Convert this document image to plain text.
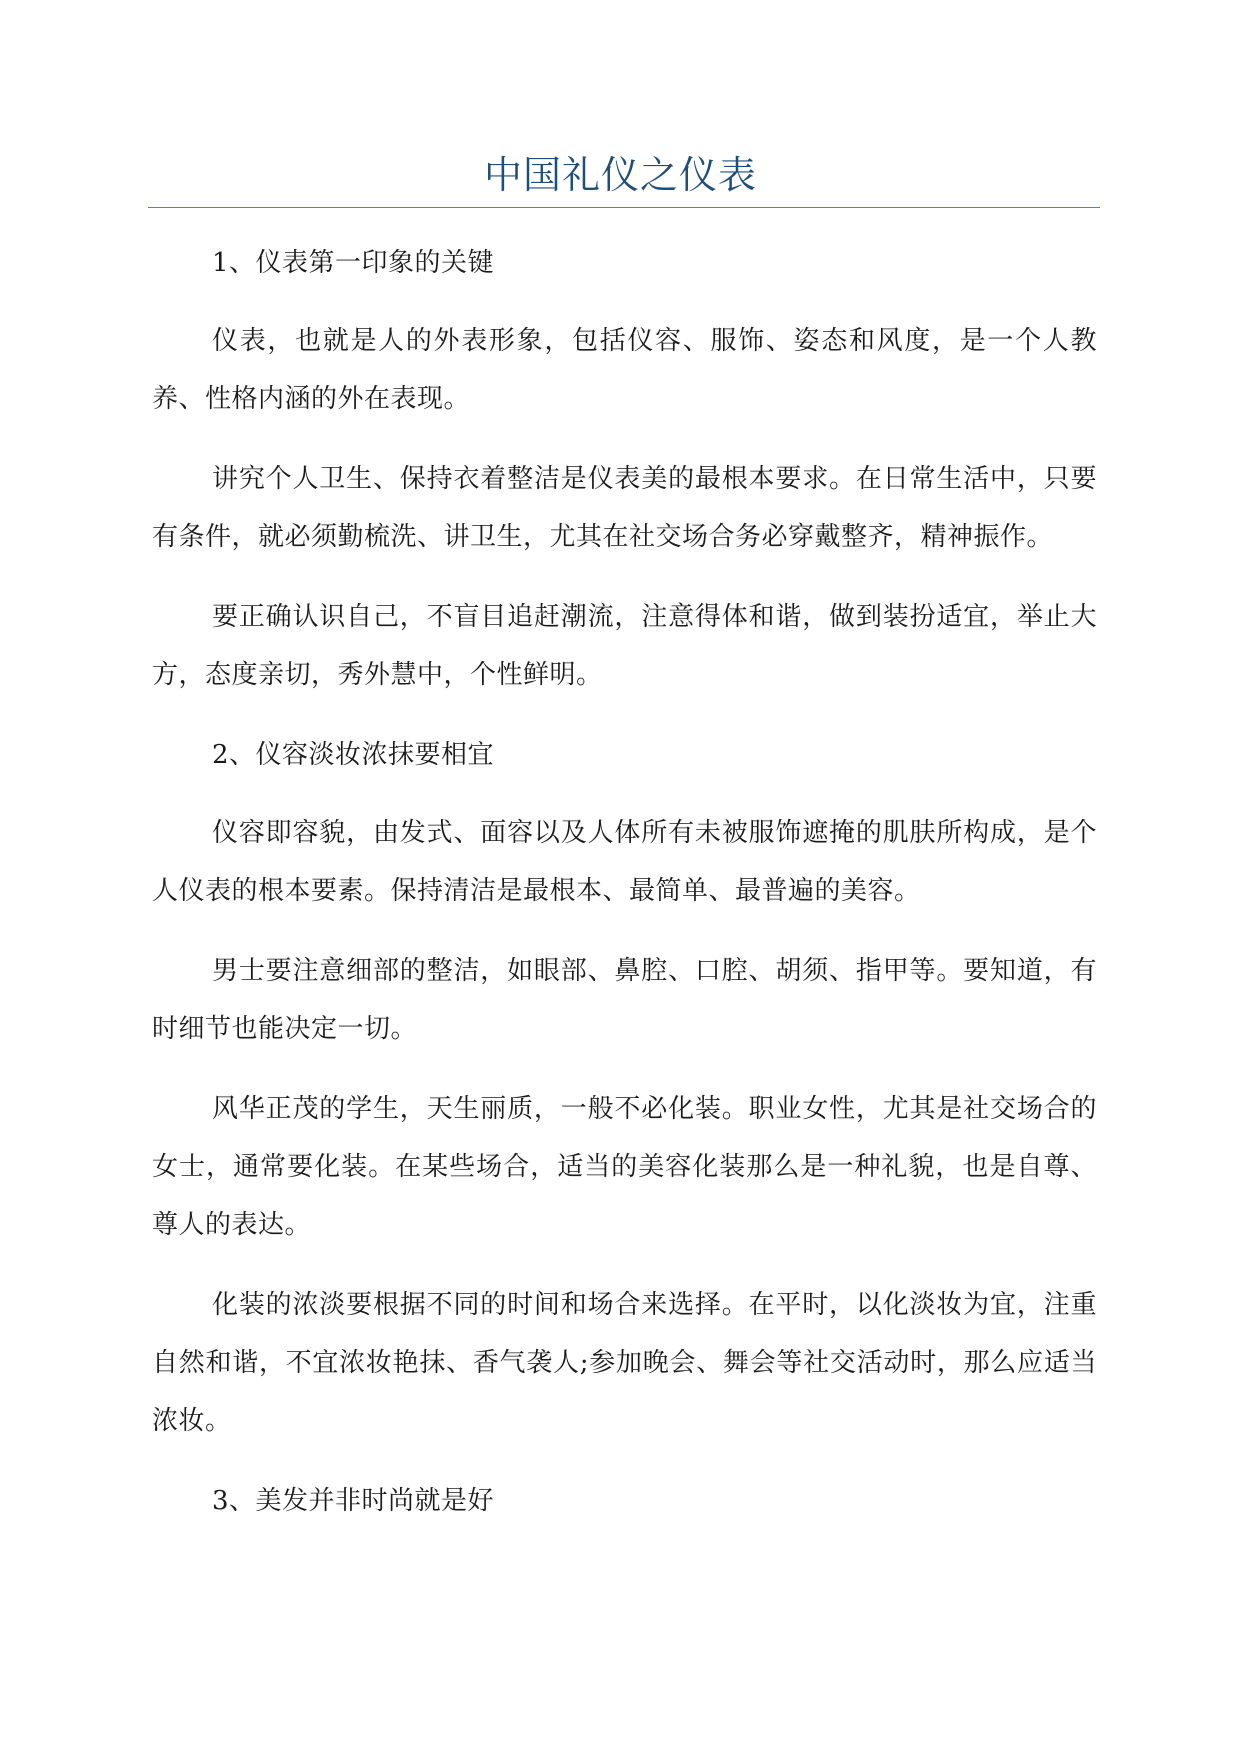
中国礼仪之仪表

1、仪表第一印象的关键

仪表，也就是人的外表形象，包括仪容、服饰、姿态和风度，是一个人教养、性格内涵的外在表现。

讲究个人卫生、保持衣着整洁是仪表美的最根本要求。在日常生活中，只要有条件，就必须勤梳洗、讲卫生，尤其在社交场合务必穿戴整齐，精神振作。

要正确认识自己，不盲目追赶潮流，注意得体和谐，做到装扮适宜，举止大方，态度亲切，秀外慧中，个性鲜明。

2、仪容淡妆浓抹要相宜

仪容即容貌，由发式、面容以及人体所有未被服饰遮掩的肌肤所构成，是个人仪表的根本要素。保持清洁是最根本、最简单、最普遍的美容。

男士要注意细部的整洁，如眼部、鼻腔、口腔、胡须、指甲等。要知道，有时细节也能决定一切。

风华正茂的学生，天生丽质，一般不必化装。职业女性，尤其是社交场合的女士，通常要化装。在某些场合，适当的美容化装那么是一种礼貌，也是自尊、尊人的表达。

化装的浓淡要根据不同的时间和场合来选择。在平时，以化淡妆为宜，注重自然和谐，不宜浓妆艳抹、香气袭人;参加晚会、舞会等社交活动时，那么应适当浓妆。

3、美发并非时尚就是好
